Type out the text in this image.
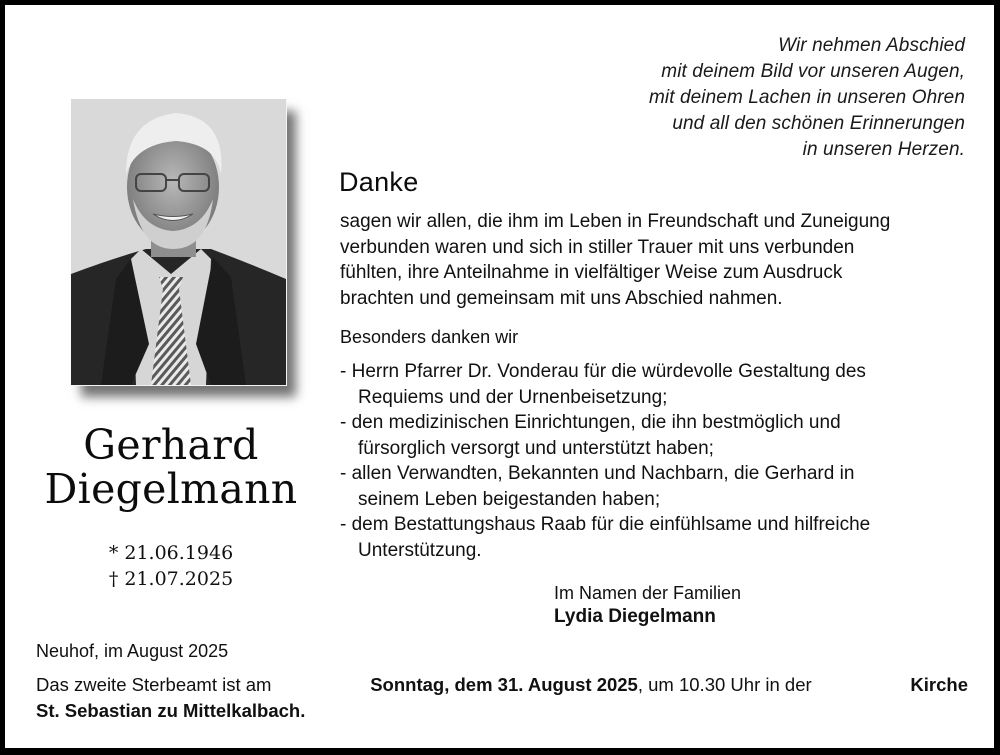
Wir nehmen Abschied
mit deinem Bild vor unseren Augen,
mit deinem Lachen in unseren Ohren
und all den schönen Erinnerungen
in unseren Herzen.
Gerhard
Diegelmann
* 21.06.1946
† 21.07.2025
Danke
sagen wir allen, die ihm im Leben in Freundschaft und Zuneigung
verbunden waren und sich in stiller Trauer mit uns verbunden
fühlten, ihre Anteilnahme in vielfältiger Weise zum Ausdruck
brachten und gemeinsam mit uns Abschied nahmen.
Besonders danken wir
- Herrn Pfarrer Dr. Vonderau für die würdevolle Gestaltung des
Requiems und der Urnenbeisetzung;
- den medizinischen Einrichtungen, die ihn bestmöglich und
fürsorglich versorgt und unterstützt haben;
- allen Verwandten, Bekannten und Nachbarn, die Gerhard in
seinem Leben beigestanden haben;
- dem Bestattungshaus Raab für die einfühlsame und hilfreiche
Unterstützung.
Im Namen der Familien
Lydia Diegelmann
Neuhof, im August 2025
Das zweite Sterbeamt ist am	Sonntag, dem 31. August 2025, um 10.30 Uhr in der	Kirche
St. Sebastian zu Mittelkalbach.
